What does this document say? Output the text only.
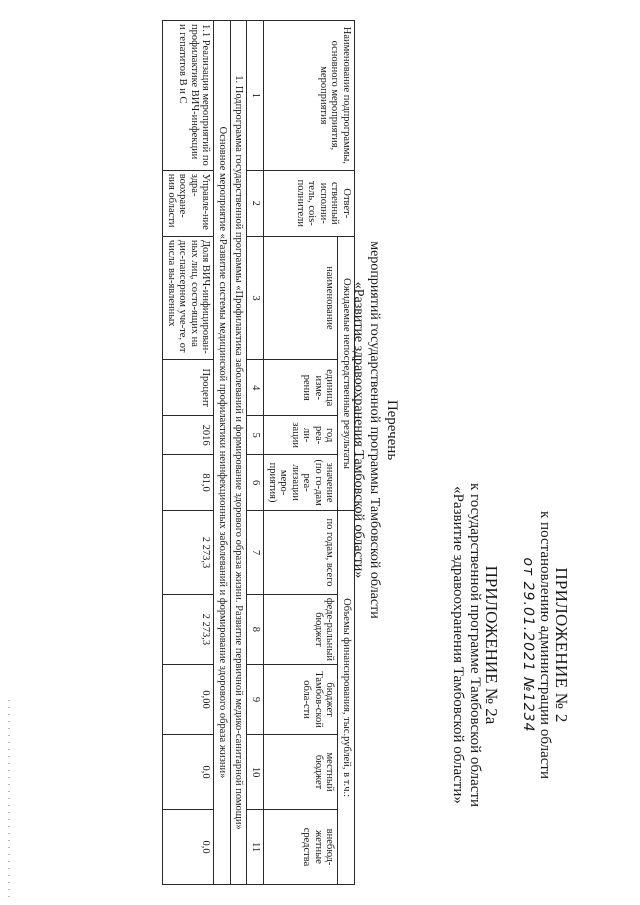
ПРИЛОЖЕНИЕ № 2
к постановлению администрации области
от 29.01.2021 №1234
ПРИЛОЖЕНИЕ № 2а
к государственной программе Тамбовской области
«Развитие здравоохранения Тамбовской области»
Перечень
мероприятий государственной программы Тамбовской области
«Развитие здравоохранения Тамбовской области»
Наименование подпрограммы, основного мероприятия, мероприятия	Ответ-ственный исполни-тель, сois-полнители	Ожидаемые непосредственные результаты				Объемы финансирования, тыс.рублей, в т.ч.:				
		наименование	единица изме-рения	год реа-ли-зации	значение (по го-дам реа-лизации меро-приятия)	по годам, всего	феде-ральный бюджет	бюджет Тамбов-ской обла-сти	местный бюджет	внебюд-жетные средства
1	2	3	4	5	6	7	8	9	10	11
1. Подпрограмма государственной программы «Профилактика заболеваний и формирование здорового образа жизни. Развитие первичной медико-санитарной помощи»										
Основное мероприятие «Развитие системы медицинской профилактики неинфекционных заболеваний и формирование здорового образа жизни»										
1.1 Реализация мероприятий по профилактике ВИЧ-инфекции и гепатитов В и С	Управле-ние здра-воохране-ния области	Доля ВИЧ-инфицирован-ных лиц, состо-ящих на дис-пансерном уче-те, от числа вы-явленных	Процент	2016	81,0	2 273,3	2 273,3	0,00	0,0	0,0
